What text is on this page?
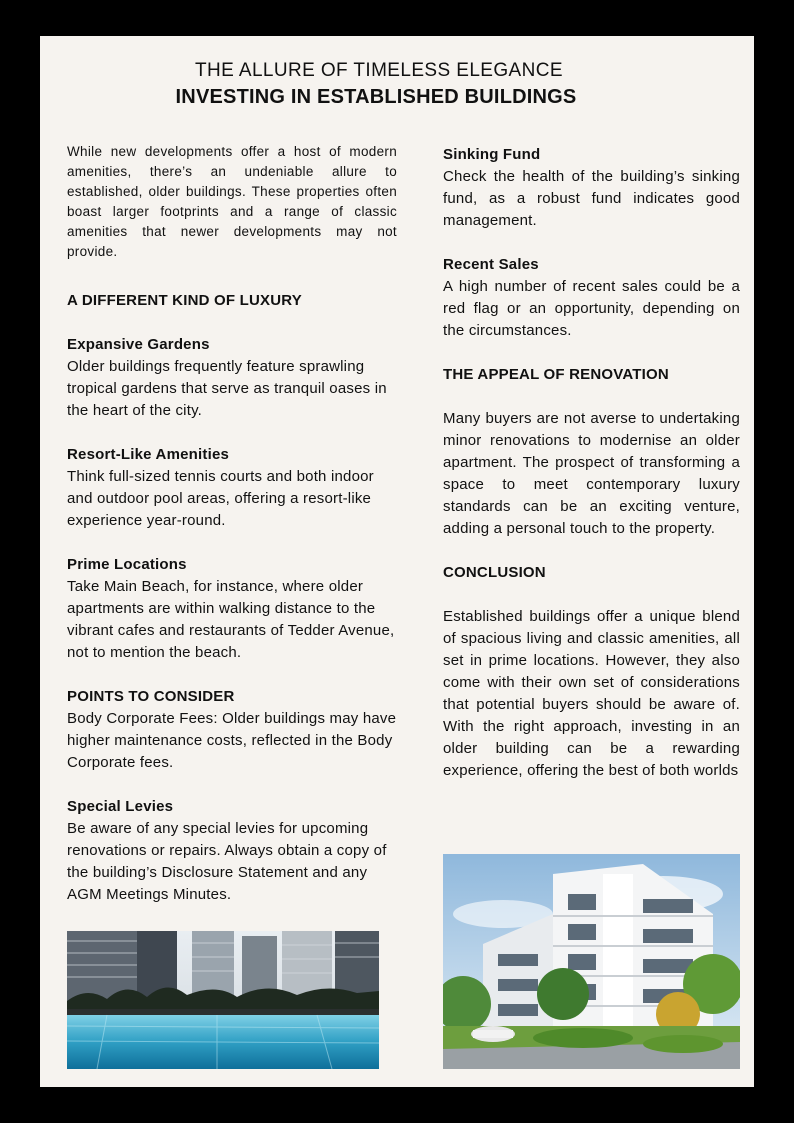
THE ALLURE OF TIMELESS ELEGANCE
INVESTING IN ESTABLISHED BUILDINGS

While new developments offer a host of modern amenities, there’s an undeniable allure to established, older buildings. These properties often boast larger footprints and a range of classic amenities that newer developments may not provide.

A DIFFERENT KIND OF LUXURY

Expansive Gardens

Older buildings frequently feature sprawling tropical gardens that serve as tranquil oases in the heart of the city.

Resort-Like Amenities

Think full-sized tennis courts and both indoor and outdoor pool areas, offering a resort-like experience year-round.

Prime Locations

Take Main Beach, for instance, where older apartments are within walking distance to the vibrant cafes and restaurants of Tedder Avenue, not to mention the beach.

POINTS TO CONSIDER

Body Corporate Fees: Older buildings may have higher maintenance costs, reflected in the Body Corporate fees.

Special Levies

Be aware of any special levies for upcoming renovations or repairs. Always obtain a copy of the building’s Disclosure Statement and any AGM Meetings Minutes.

Sinking Fund

Check the health of the building’s sinking fund, as a robust fund indicates good management.

Recent Sales

A high number of recent sales could be a red flag or an opportunity, depending on the circumstances.

THE APPEAL OF RENOVATION

Many buyers are not averse to undertaking minor renovations to modernise an older apartment. The prospect of transforming a space to meet contemporary luxury standards can be an exciting venture, adding a personal touch to the property.

CONCLUSION

Established buildings offer a unique blend of spacious living and classic amenities, all set in prime locations. However, they also come with their own set of considerations that potential buyers should be aware of. With the right approach, investing in an older building can be a rewarding experience, offering the best of both worlds
